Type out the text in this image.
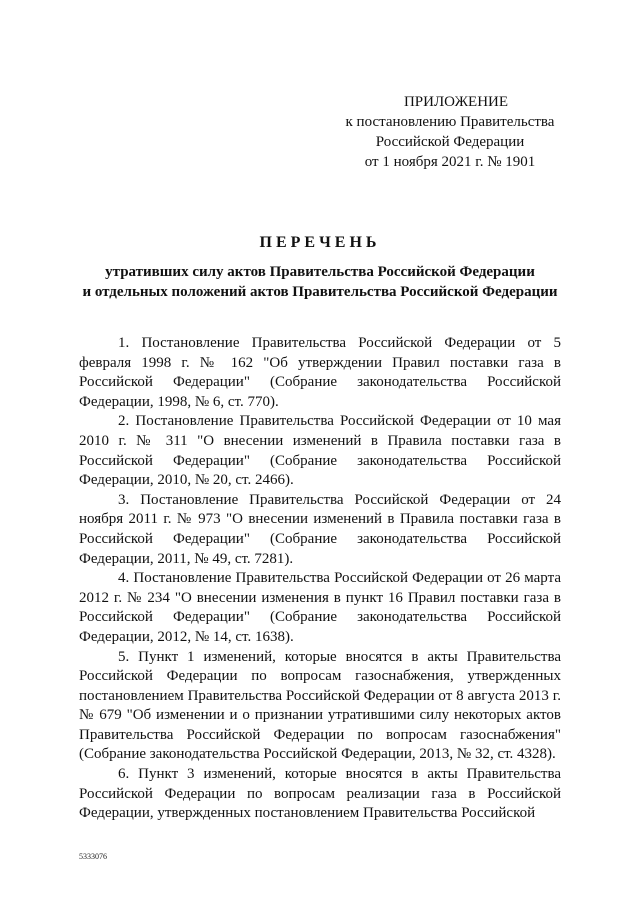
ПРИЛОЖЕНИЕ
к постановлению Правительства
Российской Федерации
от 1 ноября 2021 г. № 1901
ПЕРЕЧЕНЬ
утративших силу актов Правительства Российской Федерации
и отдельных положений актов Правительства Российской Федерации

1. Постановление Правительства Российской Федерации от 5 февраля 1998 г. № 162 "Об утверждении Правил поставки газа в Российской Федерации" (Собрание законодательства Российской Федерации, 1998, № 6, ст. 770).

2. Постановление Правительства Российской Федерации от 10 мая 2010 г. № 311 "О внесении изменений в Правила поставки газа в Российской Федерации" (Собрание законодательства Российской Федерации, 2010, № 20, ст. 2466).

3. Постановление Правительства Российской Федерации от 24 ноября 2011 г. № 973 "О внесении изменений в Правила поставки газа в Российской Федерации" (Собрание законодательства Российской Федерации, 2011, № 49, ст. 7281).

4. Постановление Правительства Российской Федерации от 26 марта 2012 г. № 234 "О внесении изменения в пункт 16 Правил поставки газа в Российской Федерации" (Собрание законодательства Российской Федерации, 2012, № 14, ст. 1638).

5. Пункт 1 изменений, которые вносятся в акты Правительства Российской Федерации по вопросам газоснабжения, утвержденных постановлением Правительства Российской Федерации от 8 августа 2013 г. № 679 "Об изменении и о признании утратившими силу некоторых актов Правительства Российской Федерации по вопросам газоснабжения" (Собрание законодательства Российской Федерации, 2013, № 32, ст. 4328).

6. Пункт 3 изменений, которые вносятся в акты Правительства Российской Федерации по вопросам реализации газа в Российской Федерации, утвержденных постановлением Правительства Российской

5333076
